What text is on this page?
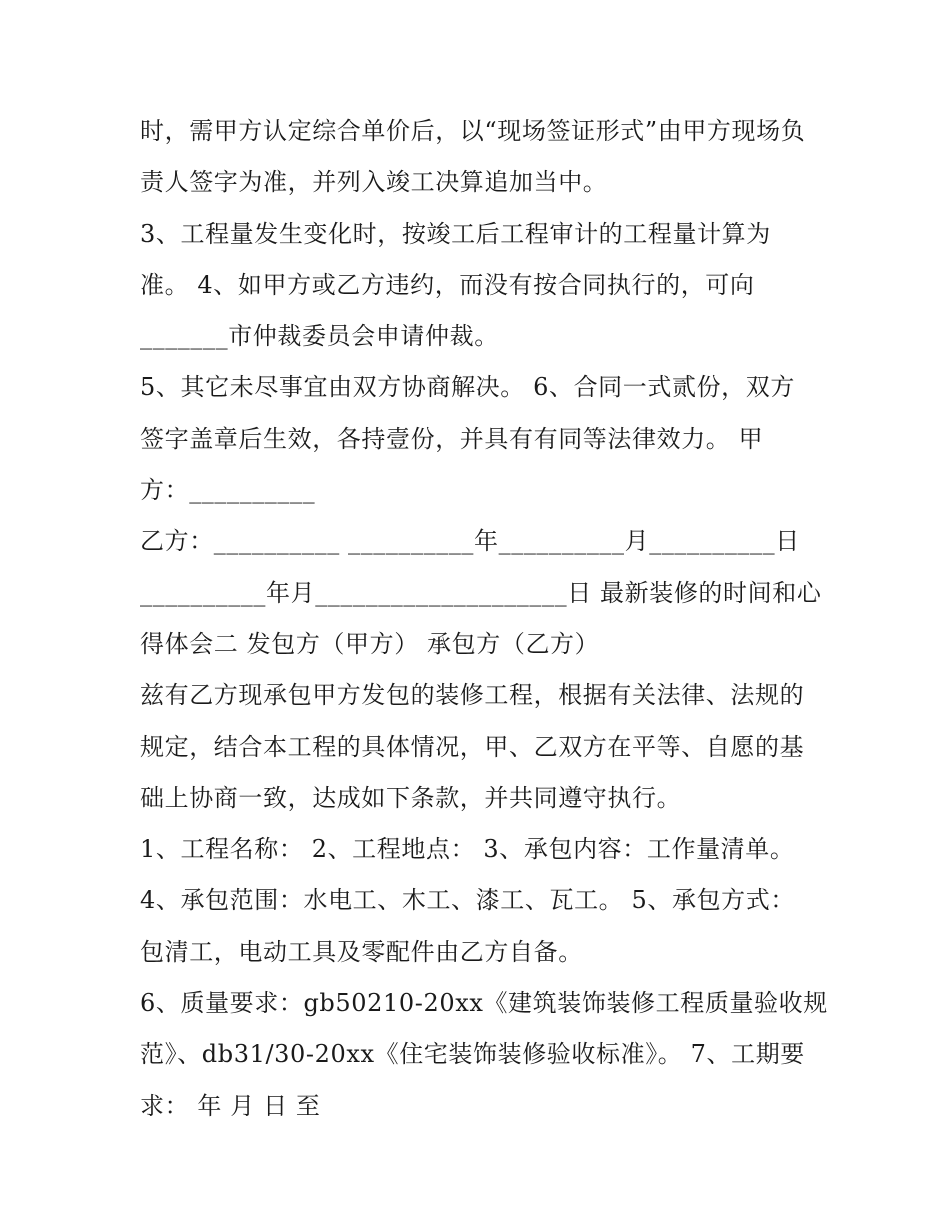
时，需甲方认定综合单价后，以“现场签证形式”由甲方现场负
责人签字为准，并列入竣工决算追加当中。
3、工程量发生变化时，按竣工后工程审计的工程量计算为
准。 4、如甲方或乙方违约，而没有按合同执行的，可向
_______市仲裁委员会申请仲裁。
5、其它未尽事宜由双方协商解决。 6、合同一式贰份，双方
签字盖章后生效，各持壹份，并具有有同等法律效力。 甲
方：__________
乙方：__________ __________年__________月__________日
__________年月____________________日 最新装修的时间和心
得体会二 发包方（甲方） 承包方（乙方）
兹有乙方现承包甲方发包的装修工程，根据有关法律、法规的
规定，结合本工程的具体情况，甲、乙双方在平等、自愿的基
础上协商一致，达成如下条款，并共同遵守执行。
1、工程名称： 2、工程地点： 3、承包内容：工作量清单。
4、承包范围：水电工、木工、漆工、瓦工。 5、承包方式：
包清工，电动工具及零配件由乙方自备。
6、质量要求：gb50210-20xx《建筑装饰装修工程质量验收规
范》、db31/30-20xx《住宅装饰装修验收标准》。 7、工期要
求： 年 月 日 至
